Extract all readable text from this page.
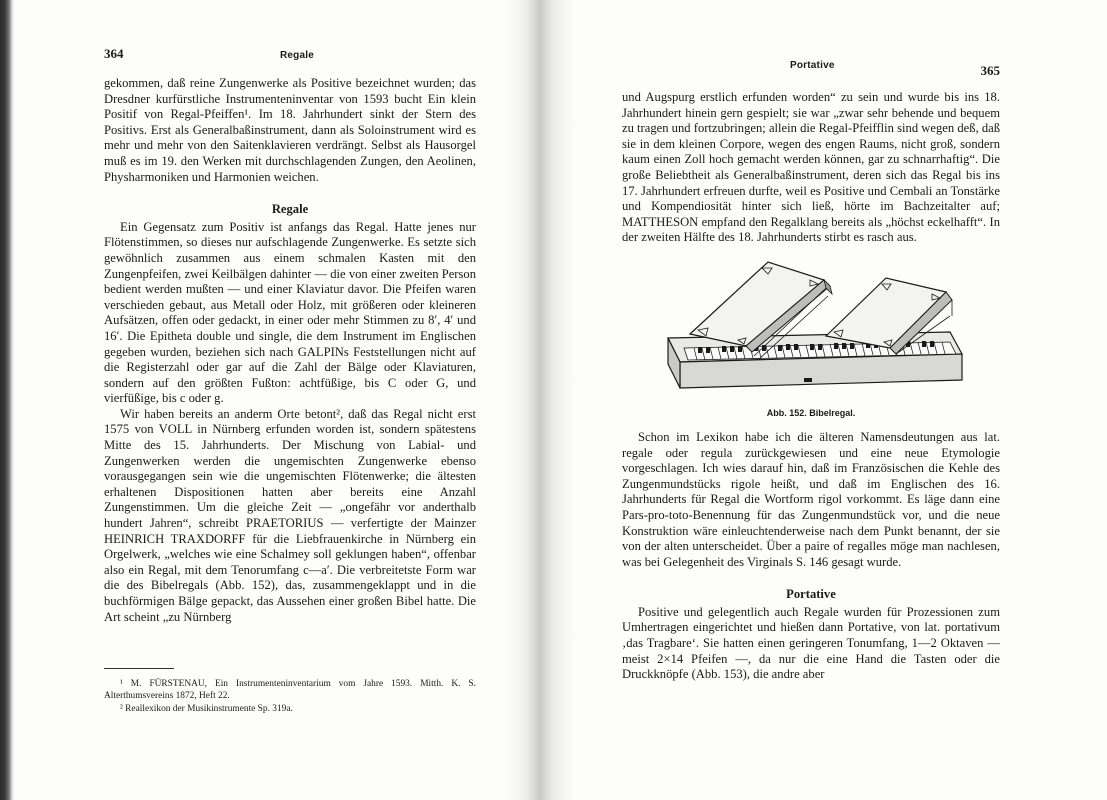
364	Regale

gekommen, daß reine Zungenwerke als Positive bezeichnet wurden; das Dresdner kurfürstliche Instrumenteninventar von 1593 bucht Ein klein Positif von Regal-Pfeiffen¹. Im 18. Jahrhundert sinkt der Stern des Positivs. Erst als Generalbaßinstrument, dann als Soloinstrument wird es mehr und mehr von den Saitenklavieren verdrängt. Selbst als Hausorgel muß es im 19. den Werken mit durchschlagenden Zungen, den Aeolinen, Physharmoniken und Harmonien weichen.

Regale

Ein Gegensatz zum Positiv ist anfangs das Regal. Hatte jenes nur Flötenstimmen, so dieses nur aufschlagende Zungenwerke. Es setzte sich gewöhnlich zusammen aus einem schmalen Kasten mit den Zungenpfeifen, zwei Keilbälgen dahinter — die von einer zweiten Person bedient werden mußten — und einer Klaviatur davor. Die Pfeifen waren verschieden gebaut, aus Metall oder Holz, mit größeren oder kleineren Aufsätzen, offen oder gedackt, in einer oder mehr Stimmen zu 8′, 4′ und 16′. Die Epitheta double und single, die dem Instrument im Englischen gegeben wurden, beziehen sich nach GALPINs Feststellungen nicht auf die Registerzahl oder gar auf die Zahl der Bälge oder Klaviaturen, sondern auf den größten Fußton: achtfüßige, bis C oder G, und vierfüßige, bis c oder g.

Wir haben bereits an anderm Orte betont², daß das Regal nicht erst 1575 von VOLL in Nürnberg erfunden worden ist, sondern spätestens Mitte des 15. Jahrhunderts. Der Mischung von Labial- und Zungenwerken werden die ungemischten Zungenwerke ebenso vorausgegangen sein wie die ungemischten Flötenwerke; die ältesten erhaltenen Dispositionen hatten aber bereits eine Anzahl Zungenstimmen. Um die gleiche Zeit — „ongefähr vor anderthalb hundert Jahren“, schreibt PRAETORIUS — verfertigte der Mainzer HEINRICH TRAXDORFF für die Liebfrauenkirche in Nürnberg ein Orgelwerk, „welches wie eine Schalmey soll geklungen haben“, offenbar also ein Regal, mit dem Tenorumfang c—a′. Die verbreitetste Form war die des Bibelregals (Abb. 152), das, zusammengeklappt und in die buchförmigen Bälge gepackt, das Aussehen einer großen Bibel hatte. Die Art scheint „zu Nürnberg

¹ M. FÜRSTENAU, Ein Instrumenteninventarium vom Jahre 1593. Mitth. K. S. Alterthumsvereins 1872, Heft 22.

² Reallexikon der Musikinstrumente Sp. 319a.

Portative	365

und Augspurg erstlich erfunden worden“ zu sein und wurde bis ins 18. Jahrhundert hinein gern gespielt; sie war „zwar sehr behende und bequem zu tragen und fortzubringen; allein die Regal-Pfeifflin sind wegen deß, daß sie in dem kleinen Corpore, wegen des engen Raums, nicht groß, sondern kaum einen Zoll hoch gemacht werden können, gar zu schnarrhaftig“. Die große Beliebtheit als Generalbaßinstrument, deren sich das Regal bis ins 17. Jahrhundert erfreuen durfte, weil es Positive und Cembali an Tonstärke und Kompendiosität hinter sich ließ, hörte im Bachzeitalter auf; MATTHESON empfand den Regalklang bereits als „höchst eckelhafft“. In der zweiten Hälfte des 18. Jahrhunderts stirbt es rasch aus.

Abb. 152. Bibelregal.

Schon im Lexikon habe ich die älteren Namensdeutungen aus lat. regale oder regula zurückgewiesen und eine neue Etymologie vorgeschlagen. Ich wies darauf hin, daß im Französischen die Kehle des Zungenmundstücks rigole heißt, und daß im Englischen des 16. Jahrhunderts für Regal die Wortform rigol vorkommt. Es läge dann eine Pars-pro-toto-Benennung für das Zungenmundstück vor, und die neue Konstruktion wäre einleuchtenderweise nach dem Punkt benannt, der sie von der alten unterscheidet. Über a paire of regalles möge man nachlesen, was bei Gelegenheit des Virginals S. 146 gesagt wurde.

Portative

Positive und gelegentlich auch Regale wurden für Prozessionen zum Umhertragen eingerichtet und hießen dann Portative, von lat. portativum ‚das Tragbare‘. Sie hatten einen geringeren Tonumfang, 1—2 Oktaven — meist 2×14 Pfeifen —, da nur die eine Hand die Tasten oder die Druckknöpfe (Abb. 153), die andre aber
